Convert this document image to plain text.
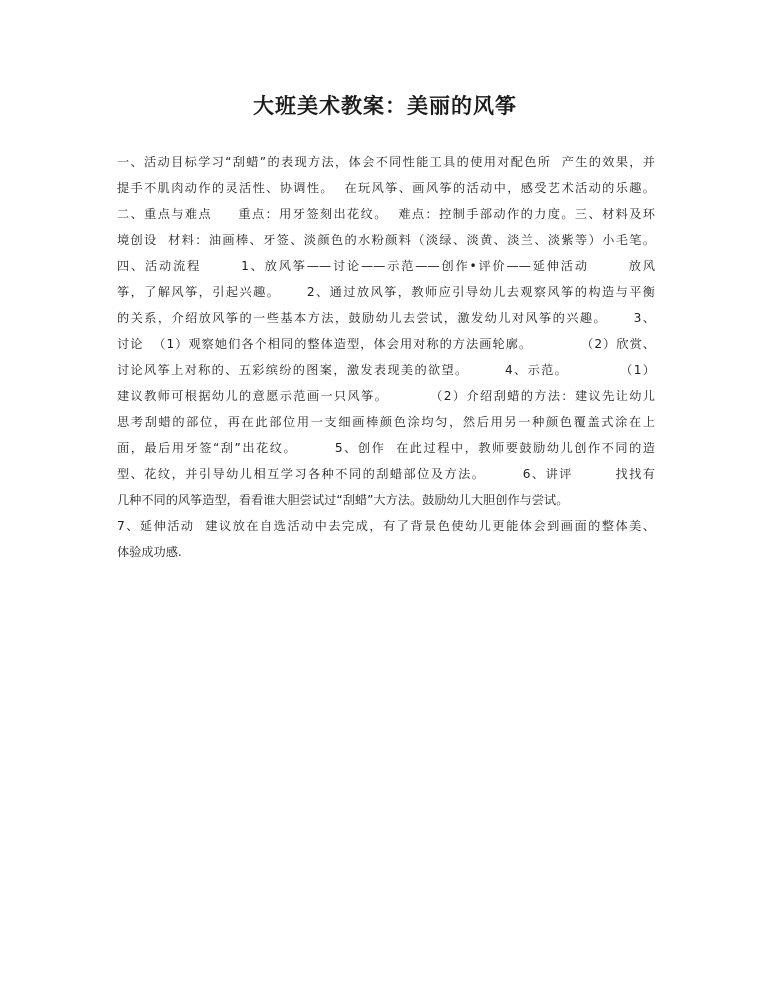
大班美术教案：美丽的风筝
一、活动目标学习“刮蜡”的表现方法，体会不同性能工具的使用对配色所  产生的效果，并
提手不肌肉动作的灵活性、协调性。  在玩风筝、画风筝的活动中，感受艺术活动的乐趣。
二、重点与难点     重点：用牙签刻出花纹。  难点：控制手部动作的力度。三、材料及环
境创设  材料：油画棒、牙签、淡颜色的水粉颜料（淡绿、淡黄、淡兰、淡紫等）小毛笔。
四、活动流程       1、放风筝——讨论——示范——创作•评价——延伸活动       放风
筝，了解风筝，引起兴趣。     2、通过放风筝，教师应引导幼儿去观察风筝的构造与平衡
的关系，介绍放风筝的一些基本方法，鼓励幼儿去尝试，激发幼儿对风筝的兴趣。     3、
讨论  （1）观察她们各个相同的整体造型，体会用对称的方法画轮廓。          （2）欣赏、
讨论风筝上对称的、五彩缤纷的图案，激发表现美的欲望。       4、示范。          （1）
建议教师可根据幼儿的意愿示范画一只风筝。        （2）介绍刮蜡的方法：建议先让幼儿
思考刮蜡的部位，再在此部位用一支细画棒颜色涂均匀，然后用另一种颜色覆盖式涂在上
面，最后用牙签“刮”出花纹。       5、创作  在此过程中，教师要鼓励幼儿创作不同的造
型、花纹，并引导幼儿相互学习各种不同的刮蜡部位及方法。       6、讲评        找找有
几种不同的风筝造型，看看谁大胆尝试过“刮蜡”大方法。鼓励幼儿大胆创作与尝试。
7、延伸活动  建议放在自选活动中去完成，有了背景色使幼儿更能体会到画面的整体美、
体验成功感.
